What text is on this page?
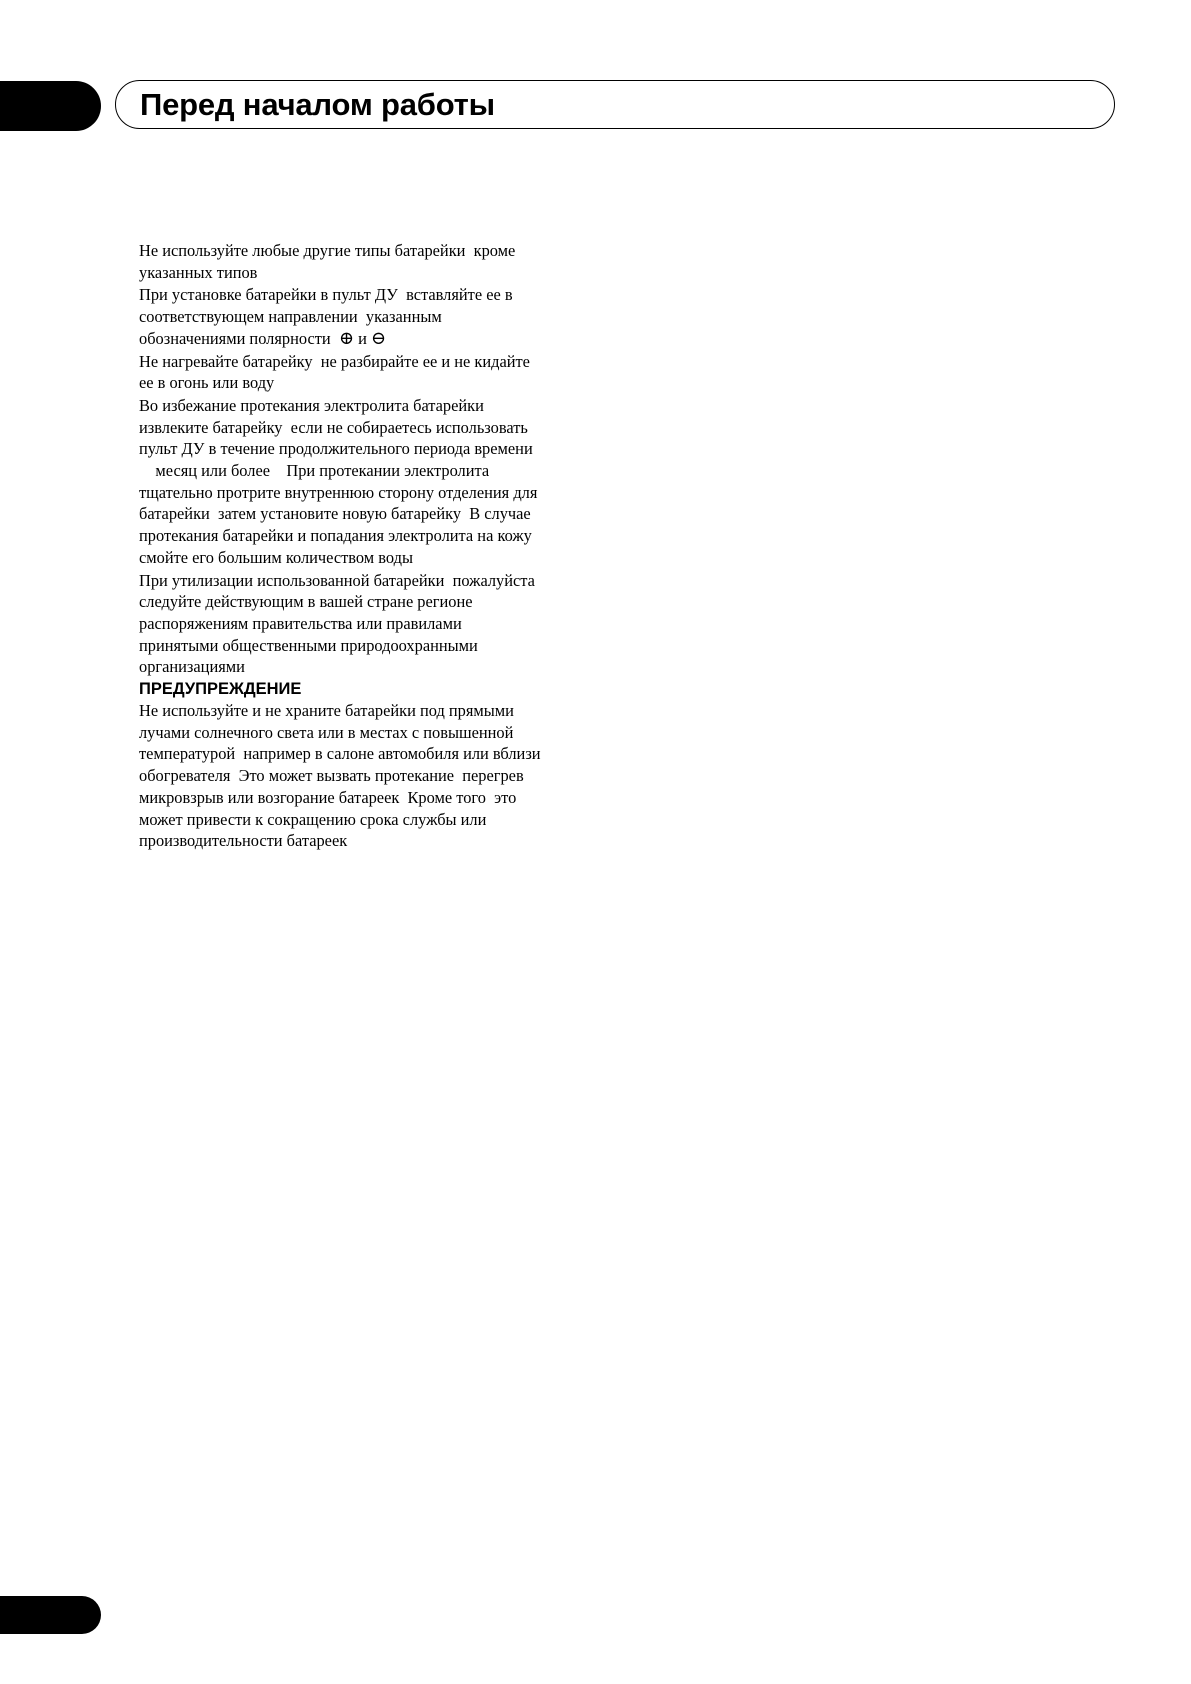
Перед началом работы

Не используйте любые другие типы батарейки  кроме
указанных типов

При установке батарейки в пульт ДУ  вставляйте ее в
соответствующем направлении  указанным

обозначениями полярности ⊕ и ⊖

Не нагревайте батарейку  не разбирайте ее и не кидайте
ее в огонь или воду

Во избежание протекания электролита батарейки
извлеките батарейку  если не собираетесь использовать
пульт ДУ в течение продолжительного периода времени
месяц или более    При протекании электролита
тщательно протрите внутреннюю сторону отделения для
батарейки  затем установите новую батарейку  В случае
протекания батарейки и попадания электролита на кожу
смойте его большим количеством воды

При утилизации использованной батарейки  пожалуйста
следуйте действующим в вашей стране регионе
распоряжениям правительства или правилами
принятыми общественными природоохранными
организациями

ПРЕДУПРЕЖДЕНИЕ

Не используйте и не храните батарейки под прямыми
лучами солнечного света или в местах с повышенной
температурой  например в салоне автомобиля или вблизи
обогревателя  Это может вызвать протекание  перегрев
микровзрыв или возгорание батареек  Кроме того  это
может привести к сокращению срока службы или
производительности батареек
